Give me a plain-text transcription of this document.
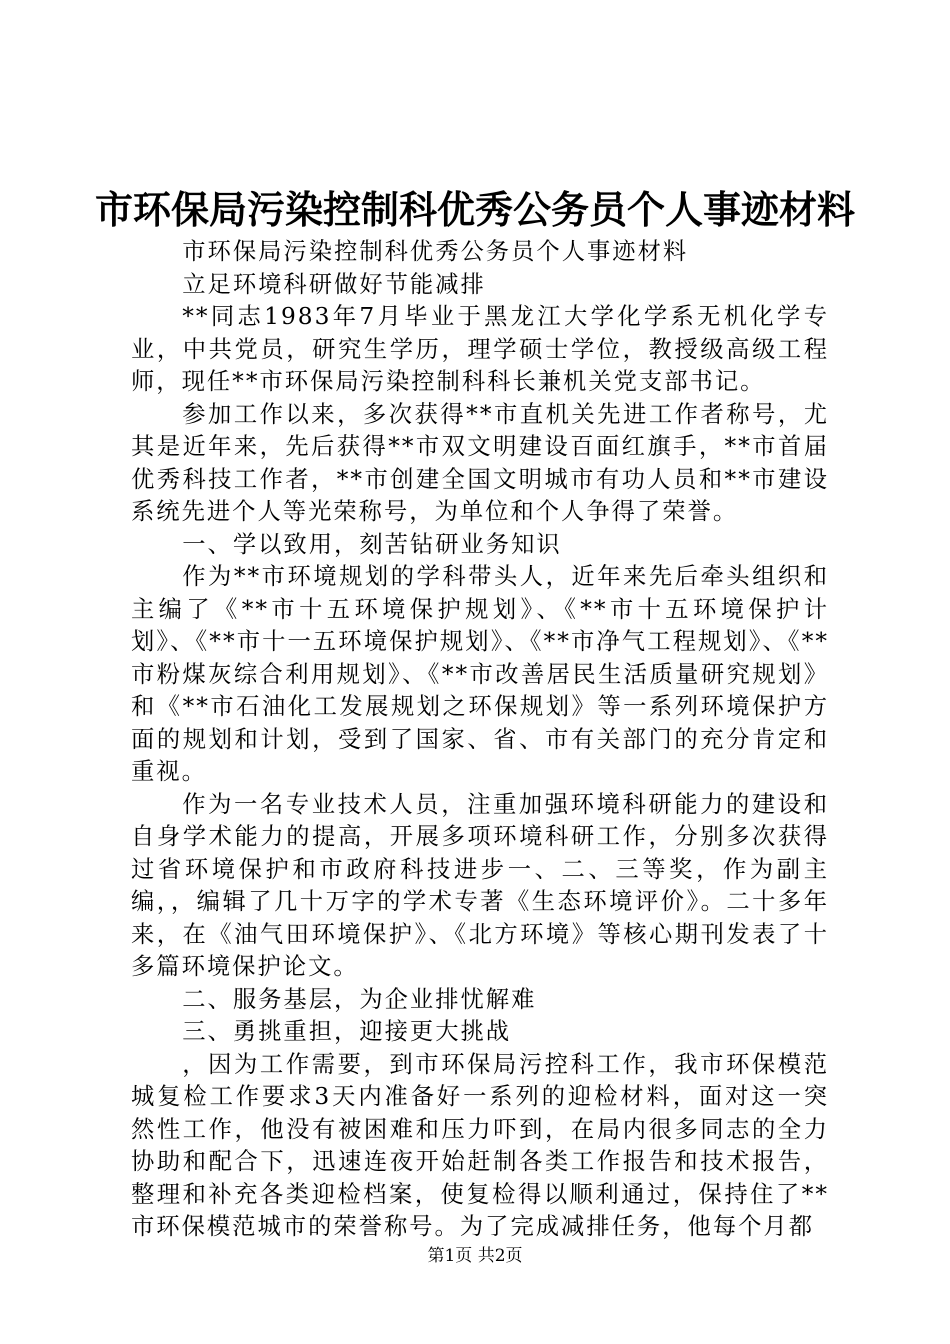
市环保局污染控制科优秀公务员个人事迹材料

市环保局污染控制科优秀公务员个人事迹材料

立足环境科研做好节能减排

**同志1983年7月毕业于黑龙江大学化学系无机化学专业，中共党员，研究生学历，理学硕士学位，教授级高级工程师，现任**市环保局污染控制科科长兼机关党支部书记。

参加工作以来，多次获得**市直机关先进工作者称号，尤其是近年来，先后获得**市双文明建设百面红旗手，**市首届优秀科技工作者，**市创建全国文明城市有功人员和**市建设系统先进个人等光荣称号，为单位和个人争得了荣誉。

一、学以致用，刻苦钻研业务知识

作为**市环境规划的学科带头人，近年来先后牵头组织和主编了《**市十五环境保护规划》、《**市十五环境保护计划》、《**市十一五环境保护规划》、《**市净气工程规划》、《**市粉煤灰综合利用规划》、《**市改善居民生活质量研究规划》和《**市石油化工发展规划之环保规划》等一系列环境保护方面的规划和计划，受到了国家、省、市有关部门的充分肯定和重视。

作为一名专业技术人员，注重加强环境科研能力的建设和自身学术能力的提高，开展多项环境科研工作，分别多次获得过省环境保护和市政府科技进步一、二、三等奖，作为副主编，，编辑了几十万字的学术专著《生态环境评价》。二十多年来，在《油气田环境保护》、《北方环境》等核心期刊发表了十多篇环境保护论文。

二、服务基层，为企业排忧解难

三、勇挑重担，迎接更大挑战

，因为工作需要，到市环保局污控科工作，我市环保模范城复检工作要求3天内准备好一系列的迎检材料，面对这一突然性工作，他没有被困难和压力吓到，在局内很多同志的全力协助和配合下，迅速连夜开始赶制各类工作报告和技术报告，整理和补充各类迎检档案，使复检得以顺利通过，保持住了**市环保模范城市的荣誉称号。为了完成减排任务，他每个月都

第1页 共2页
